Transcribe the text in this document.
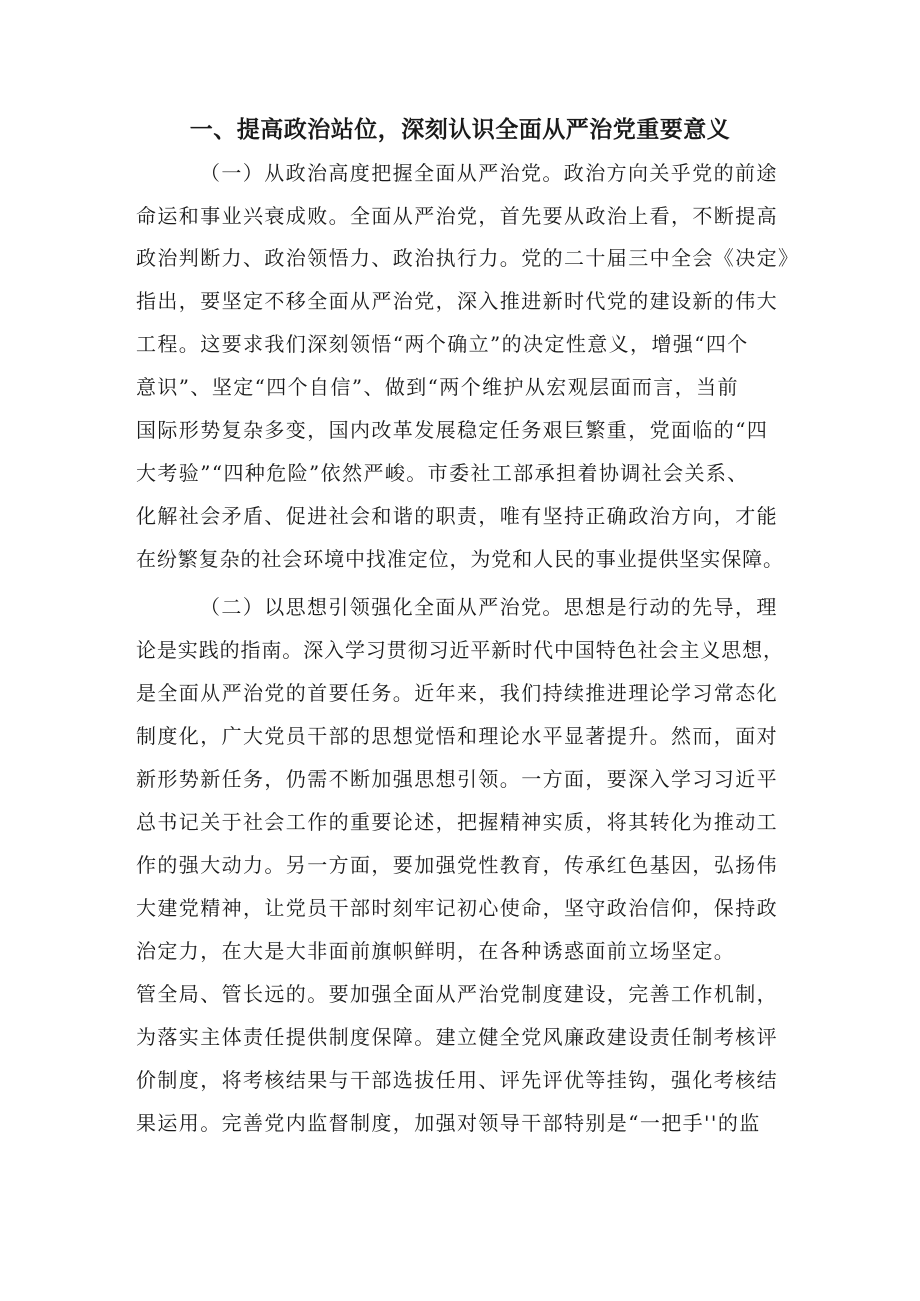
一、提高政治站位，深刻认识全面从严治党重要意义

（一）从政治高度把握全面从严治党。政治方向关乎党的前途

命运和事业兴衰成败。全面从严治党，首先要从政治上看，不断提高

政治判断力、政治领悟力、政治执行力。党的二十届三中全会《决定》

指出，要坚定不移全面从严治党，深入推进新时代党的建设新的伟大

工程。这要求我们深刻领悟“两个确立”的决定性意义，增强“四个

意识”、坚定“四个自信”、做到“两个维护从宏观层面而言，当前

国际形势复杂多变，国内改革发展稳定任务艰巨繁重，党面临的“四

大考验”“四种危险”依然严峻。市委社工部承担着协调社会关系、

化解社会矛盾、促进社会和谐的职责，唯有坚持正确政治方向，才能

在纷繁复杂的社会环境中找准定位，为党和人民的事业提供坚实保障。

（二）以思想引领强化全面从严治党。思想是行动的先导，理

论是实践的指南。深入学习贯彻习近平新时代中国特色社会主义思想，

是全面从严治党的首要任务。近年来，我们持续推进理论学习常态化

制度化，广大党员干部的思想觉悟和理论水平显著提升。然而，面对

新形势新任务，仍需不断加强思想引领。一方面，要深入学习习近平

总书记关于社会工作的重要论述，把握精神实质，将其转化为推动工

作的强大动力。另一方面，要加强党性教育，传承红色基因，弘扬伟

大建党精神，让党员干部时刻牢记初心使命，坚守政治信仰，保持政

治定力，在大是大非面前旗帜鲜明，在各种诱惑面前立场坚定。

管全局、管长远的。要加强全面从严治党制度建设，完善工作机制，

为落实主体责任提供制度保障。建立健全党风廉政建设责任制考核评

价制度，将考核结果与干部选拔任用、评先评优等挂钩，强化考核结

果运用。完善党内监督制度，加强对领导干部特别是“一把手''的监
